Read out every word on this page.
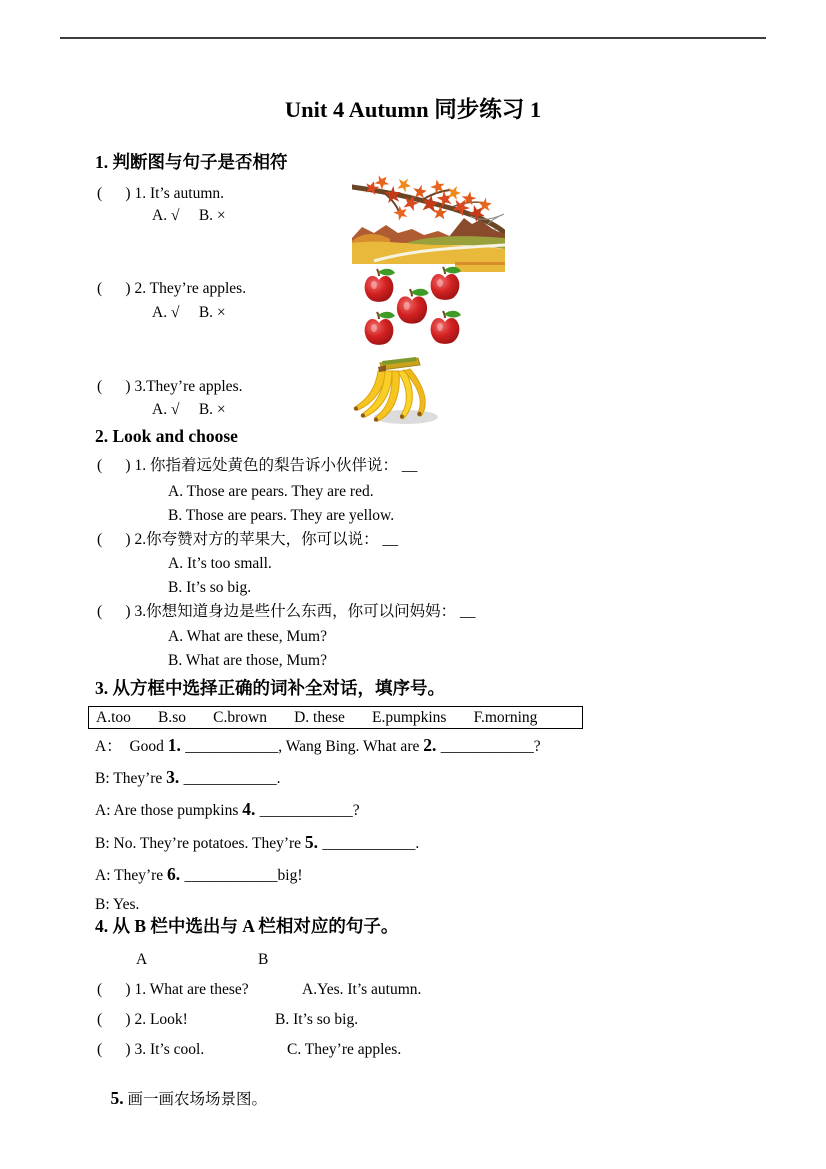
Unit 4 Autumn 同步练习 1
1. 判断图与句子是否相符
(      ) 1. It’s autumn.
A. √     B. ×
(      ) 2. They’re apples.
A. √     B. ×
(      ) 3.They’re apples.
A. √     B. ×
2. Look and choose
(      ) 1. 你指着远处黄色的梨告诉小伙伴说： __
A. Those are pears. They are red.
B. Those are pears. They are yellow.
(      ) 2.你夸赞对方的苹果大，你可以说： __
A. It’s too small.
B. It’s so big.
(      ) 3.你想知道身边是些什么东西，你可以问妈妈： __
A. What are these, Mum?
B. What are those, Mum?
3. 从方框中选择正确的词补全对话，填序号。
A.too       B.so       C.brown       D. these       E.pumpkins       F.morning
A：  Good 1. ____________, Wang Bing. What are 2. ____________?
B: They’re 3. ____________.
A: Are those pumpkins 4. ____________?
B: No. They’re potatoes. They’re 5. ____________.
A: They’re 6. ____________big!
B: Yes.
4. 从 B 栏中选出与 A 栏相对应的句子。
A	B
(      ) 1. What are these?	A.Yes. It’s autumn.
(      ) 2. Look!	B. It’s so big.
(      ) 3. It’s cool.	C. They’re apples.

5. 画一画农场场景图。
